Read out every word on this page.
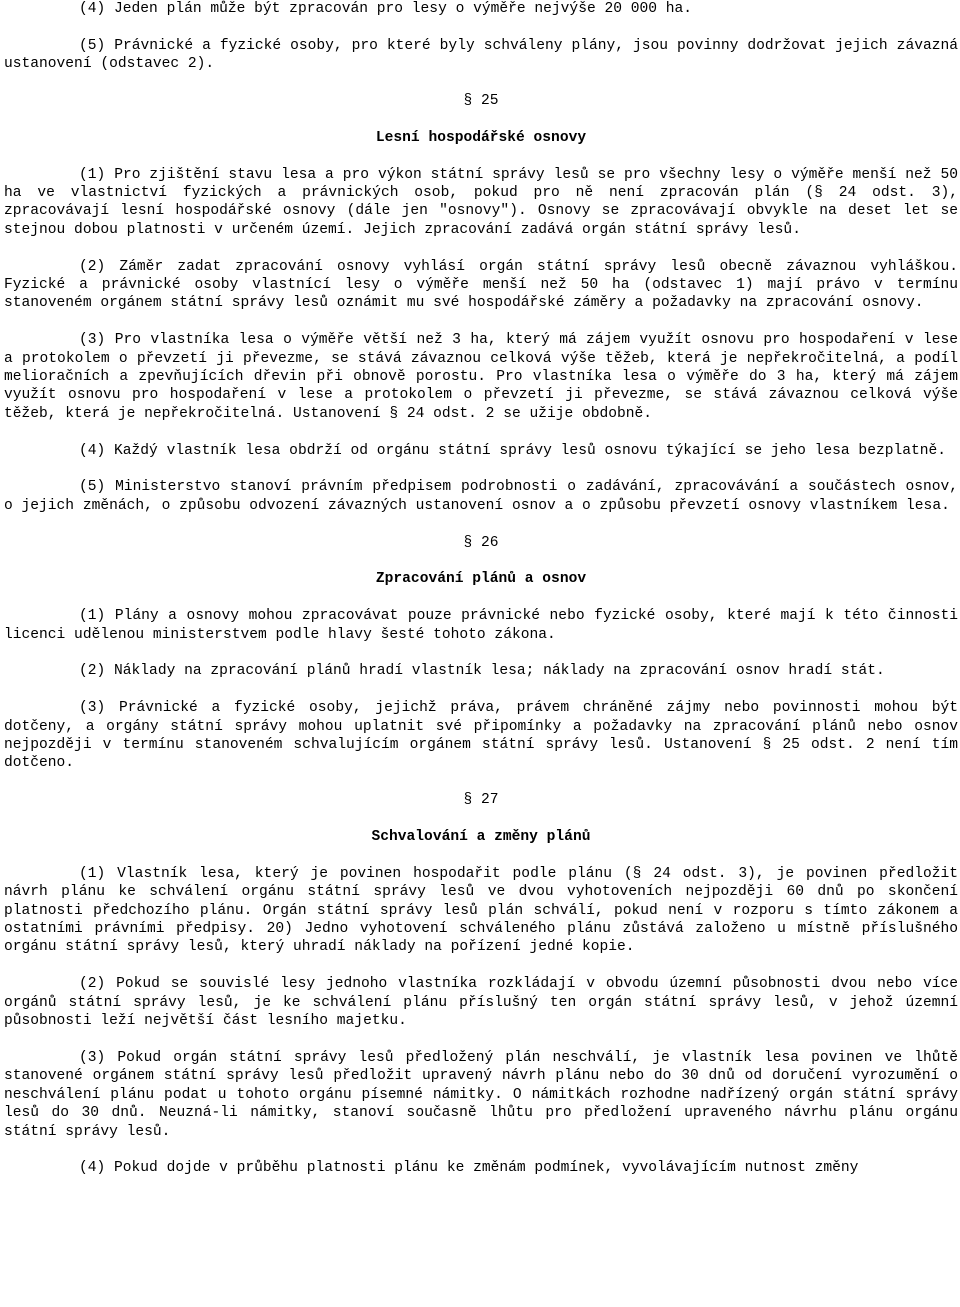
(4) Jeden plán může být zpracován pro lesy o výměře nejvýše 20 000 ha.

(5) Právnické a fyzické osoby, pro které byly schváleny plány, jsou povinny dodržovat jejich závazná ustanovení (odstavec 2).

§ 25
Lesní hospodářské osnovy

(1) Pro zjištění stavu lesa a pro výkon státní správy lesů se pro všechny lesy o výměře menší než 50 ha ve vlastnictví fyzických a právnických osob, pokud pro ně není zpracován plán (§ 24 odst. 3), zpracovávají lesní hospodářské osnovy (dále jen "osnovy"). Osnovy se zpracovávají obvykle na deset let se stejnou dobou platnosti v určeném území. Jejich zpracování zadává orgán státní správy lesů.

(2) Záměr zadat zpracování osnovy vyhlásí orgán státní správy lesů obecně závaznou vyhláškou. Fyzické a právnické osoby vlastnící lesy o výměře menší než 50 ha (odstavec 1) mají právo v termínu stanoveném orgánem státní správy lesů oznámit mu své hospodářské záměry a požadavky na zpracování osnovy.

(3) Pro vlastníka lesa o výměře větší než 3 ha, který má zájem využít osnovu pro hospodaření v lese a protokolem o převzetí ji převezme, se stává závaznou celková výše těžeb, která je nepřekročitelná, a podíl melioračních a zpevňujících dřevin při obnově porostu. Pro vlastníka lesa o výměře do 3 ha, který má zájem využít osnovu pro hospodaření v lese a protokolem o převzetí ji převezme, se stává závaznou celková výše těžeb, která je nepřekročitelná. Ustanovení § 24 odst. 2 se užije obdobně.

(4) Každý vlastník lesa obdrží od orgánu státní správy lesů osnovu týkající se jeho lesa bezplatně.

(5) Ministerstvo stanoví právním předpisem podrobnosti o zadávání, zpracovávání a součástech osnov, o jejich změnách, o způsobu odvození závazných ustanovení osnov a o způsobu převzetí osnovy vlastníkem lesa.

§ 26
Zpracování plánů a osnov

(1) Plány a osnovy mohou zpracovávat pouze právnické nebo fyzické osoby, které mají k této činnosti licenci udělenou ministerstvem podle hlavy šesté tohoto zákona.

(2) Náklady na zpracování plánů hradí vlastník lesa; náklady na zpracování osnov hradí stát.

(3) Právnické a fyzické osoby, jejichž práva, právem chráněné zájmy nebo povinnosti mohou být dotčeny, a orgány státní správy mohou uplatnit své připomínky a požadavky na zpracování plánů nebo osnov nejpozději v termínu stanoveném schvalujícím orgánem státní správy lesů. Ustanovení § 25 odst. 2 není tím dotčeno.

§ 27
Schvalování a změny plánů

(1) Vlastník lesa, který je povinen hospodařit podle plánu (§ 24 odst. 3), je povinen předložit návrh plánu ke schválení orgánu státní správy lesů ve dvou vyhotoveních nejpozději 60 dnů po skončení platnosti předchozího plánu. Orgán státní správy lesů plán schválí, pokud není v rozporu s tímto zákonem a ostatními právními předpisy. 20) Jedno vyhotovení schváleného plánu zůstává založeno u místně příslušného orgánu státní správy lesů, který uhradí náklady na pořízení jedné kopie.

(2) Pokud se souvislé lesy jednoho vlastníka rozkládají v obvodu územní působnosti dvou nebo více orgánů státní správy lesů, je ke schválení plánu příslušný ten orgán státní správy lesů, v jehož územní působnosti leží největší část lesního majetku.

(3) Pokud orgán státní správy lesů předložený plán neschválí, je vlastník lesa povinen ve lhůtě stanovené orgánem státní správy lesů předložit upravený návrh plánu nebo do 30 dnů od doručení vyrozumění o neschválení plánu podat u tohoto orgánu písemné námitky. O námitkách rozhodne nadřízený orgán státní správy lesů do 30 dnů. Neuzná-li námitky, stanoví současně lhůtu pro předložení upraveného návrhu plánu orgánu státní správy lesů.

(4) Pokud dojde v průběhu platnosti plánu ke změnám podmínek, vyvolávajícím nutnost změny
